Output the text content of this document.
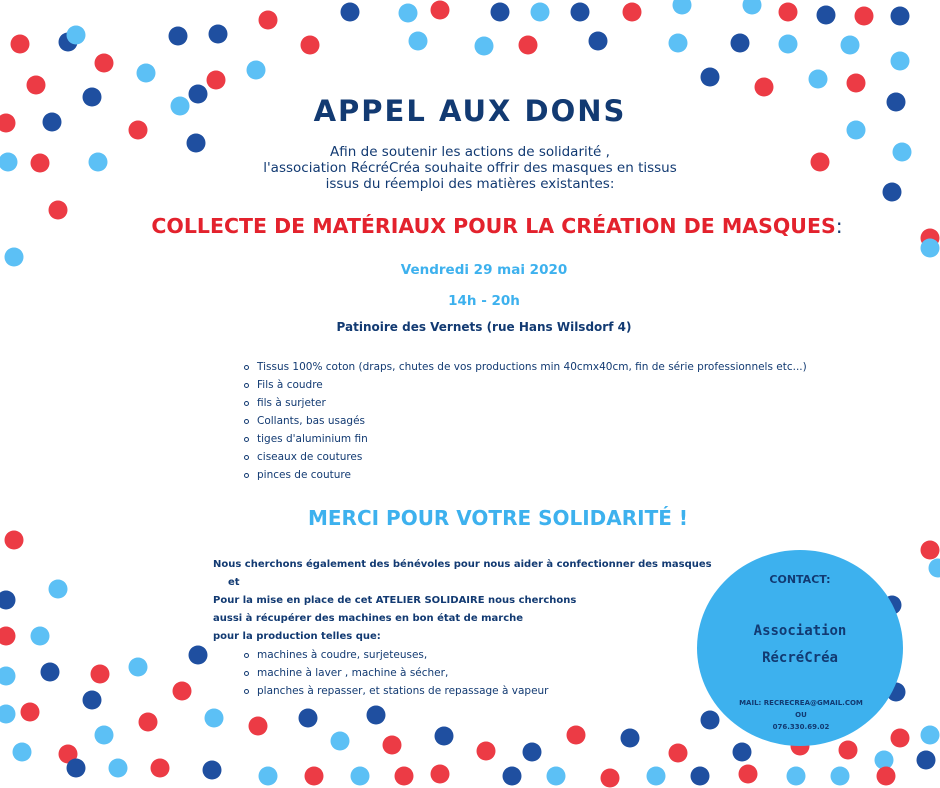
APPEL AUX DONS
Afin de soutenir les actions de solidarité ,
l'association RécréCréa souhaite offrir des masques en tissus
issus du réemploi des matières existantes:
COLLECTE DE MATÉRIAUX POUR LA CRÉATION DE MASQUES:
Vendredi 29 mai 2020
14h - 20h
Patinoire des Vernets (rue Hans Wilsdorf 4)
Tissus 100% coton (draps, chutes de vos productions min 40cmx40cm, fin de série professionnels etc...)
Fils à coudre
fils à surjeter
Collants, bas usagés
tiges d'aluminium fin
ciseaux de coutures
pinces de couture
MERCI POUR VOTRE SOLIDARITÉ !
Nous cherchons également des bénévoles pour nous aider à confectionner des masques
et
Pour la mise en place de cet ATELIER SOLIDAIRE nous cherchons
aussi à récupérer des machines en bon état de marche
pour la production telles que:
machines à coudre, surjeteuses,
machine à laver , machine à sécher,
planches à repasser, et stations de repassage à vapeur
CONTACT:
Association
RécréCréa
MAIL: RECRECREA@GMAIL.COM
OU
076.330.69.02
